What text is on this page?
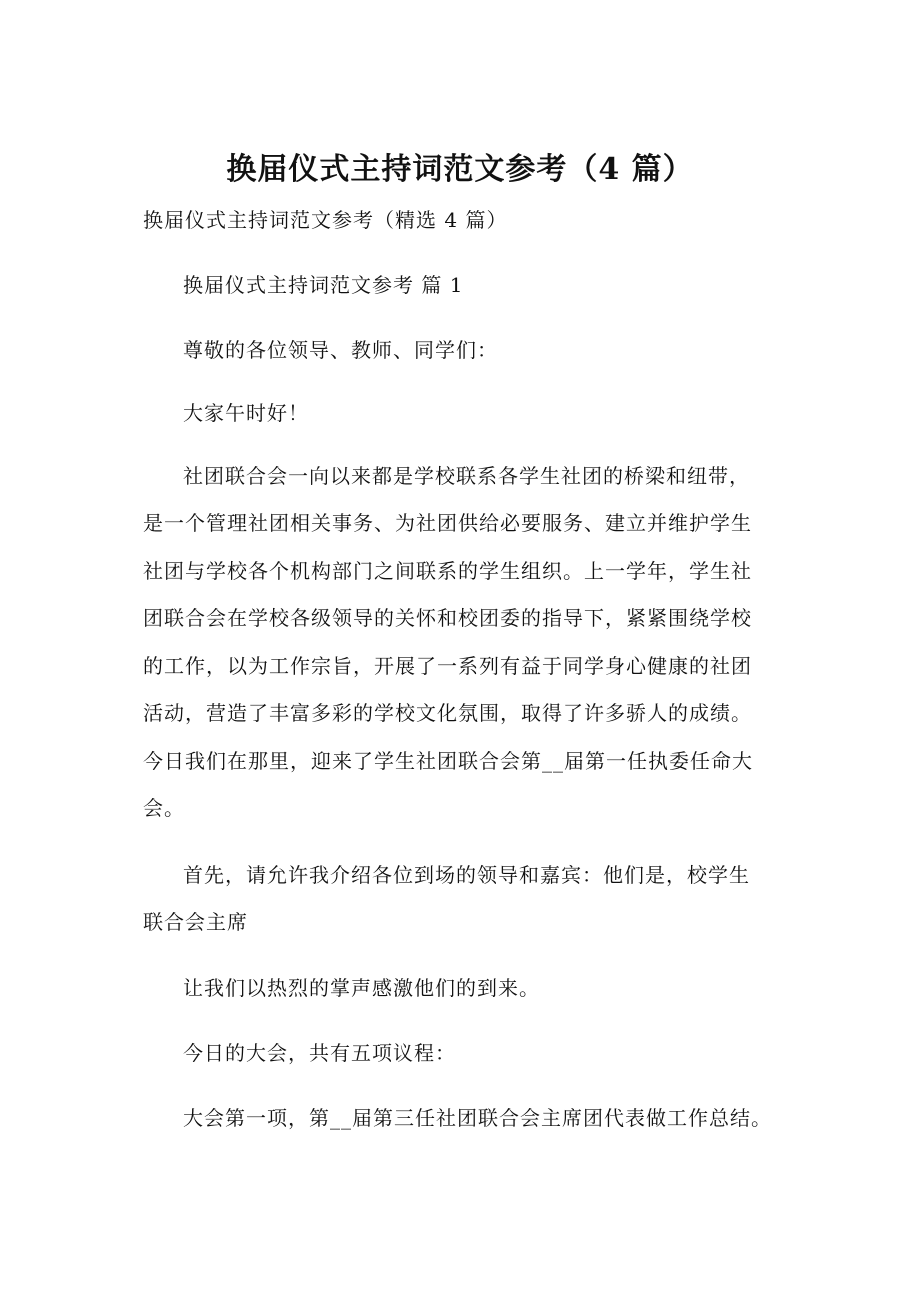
换届仪式主持词范文参考（4 篇）
换届仪式主持词范文参考（精选 4 篇）
换届仪式主持词范文参考 篇 1
尊敬的各位领导、教师、同学们：
大家午时好！
社团联合会一向以来都是学校联系各学生社团的桥梁和纽带，
是一个管理社团相关事务、为社团供给必要服务、建立并维护学生
社团与学校各个机构部门之间联系的学生组织。上一学年，学生社
团联合会在学校各级领导的关怀和校团委的指导下，紧紧围绕学校
的工作，以为工作宗旨，开展了一系列有益于同学身心健康的社团
活动，营造了丰富多彩的学校文化氛围，取得了许多骄人的成绩。
今日我们在那里，迎来了学生社团联合会第__届第一任执委任命大
会。
首先，请允许我介绍各位到场的领导和嘉宾：他们是，校学生
联合会主席
让我们以热烈的掌声感激他们的到来。
今日的大会，共有五项议程：
大会第一项，第__届第三任社团联合会主席团代表做工作总结。
